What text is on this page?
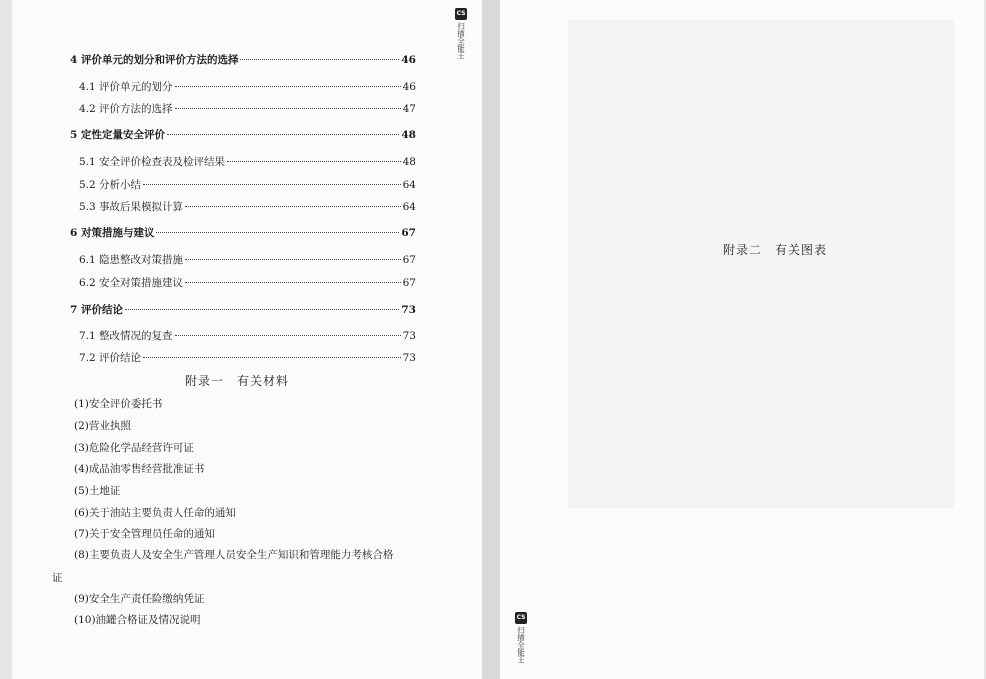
4 评价单元的划分和评价方法的选择	46
4.1 评价单元的划分	46
4.2 评价方法的选择	47
5 定性定量安全评价	48
5.1 安全评价检查表及检评结果	48
5.2 分析小结	64
5.3 事故后果模拟计算	64
6 对策措施与建议	67
6.1 隐患整改对策措施	67
6.2 安全对策措施建议	67
7 评价结论	73
7.1 整改情况的复查	73
7.2 评价结论	73
附录一　有关材料
(1)安全评价委托书
(2)营业执照
(3)危险化学品经营许可证
(4)成品油零售经营批准证书
(5)土地证
(6)关于油站主要负责人任命的通知
(7)关于安全管理员任命的通知
(8)主要负责人及安全生产管理人员安全生产知识和管理能力考核合格
证
(9)安全生产责任险缴纳凭证
(10)油罐合格证及情况说明
CS
扫描全能王
附录二　有关图表
CS
扫描全能王
